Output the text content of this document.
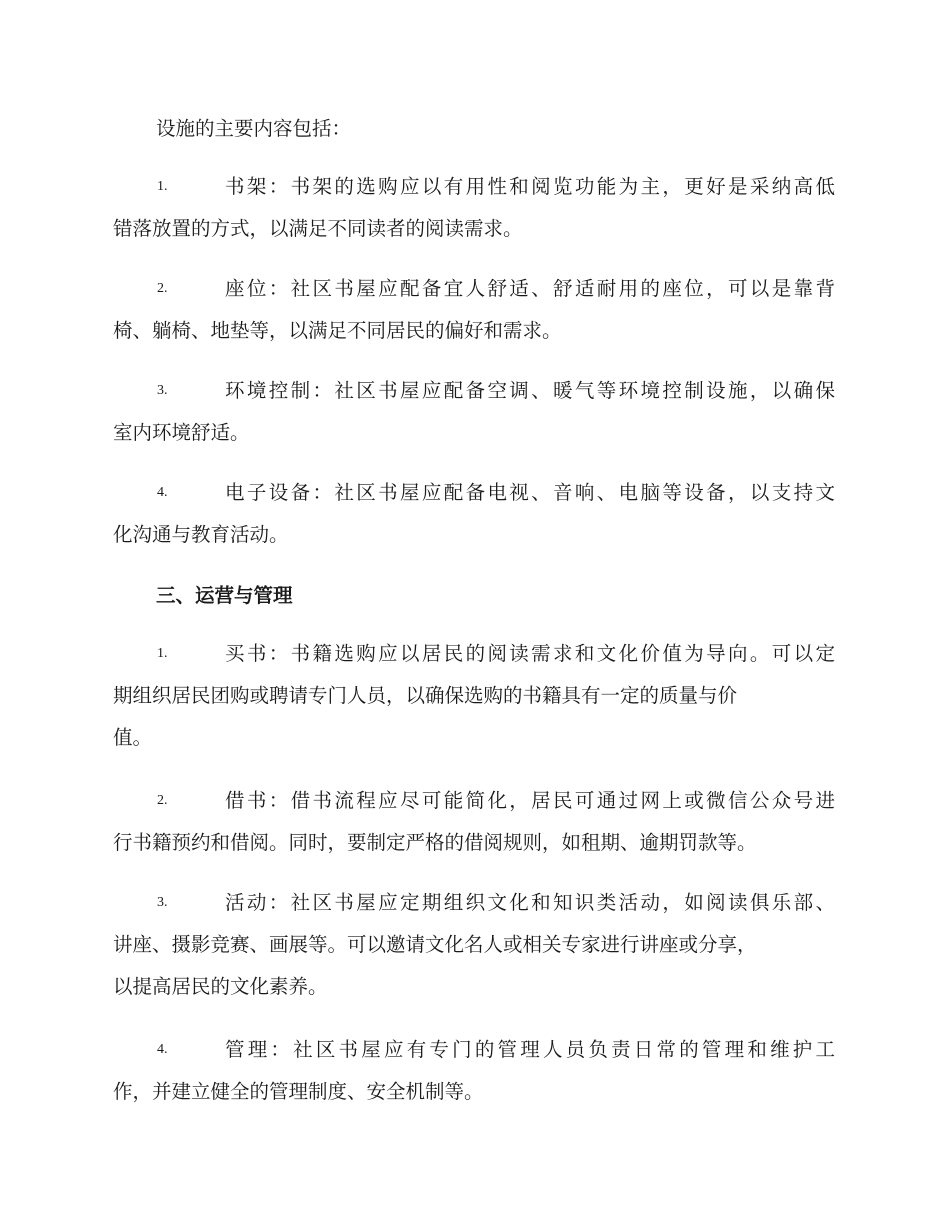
设施的主要内容包括：
1.	书架：书架的选购应以有用性和阅览功能为主，更好是采纳高低
错落放置的方式，以满足不同读者的阅读需求。
2.	座位：社区书屋应配备宜人舒适、舒适耐用的座位，可以是靠背
椅、躺椅、地垫等，以满足不同居民的偏好和需求。
3.	环境控制：社区书屋应配备空调、暖气等环境控制设施，以确保
室内环境舒适。
4.	电子设备：社区书屋应配备电视、音响、电脑等设备，以支持文
化沟通与教育活动。
三、运营与管理
1.	买书：书籍选购应以居民的阅读需求和文化价值为导向。可以定
期组织居民团购或聘请专门人员，以确保选购的书籍具有一定的质量与价
值。
2.	借书：借书流程应尽可能简化，居民可通过网上或微信公众号进
行书籍预约和借阅。同时，要制定严格的借阅规则，如租期、逾期罚款等。
3.	活动：社区书屋应定期组织文化和知识类活动，如阅读俱乐部、
讲座、摄影竞赛、画展等。可以邀请文化名人或相关专家进行讲座或分享，
以提高居民的文化素养。
4.	管理：社区书屋应有专门的管理人员负责日常的管理和维护工
作，并建立健全的管理制度、安全机制等。
